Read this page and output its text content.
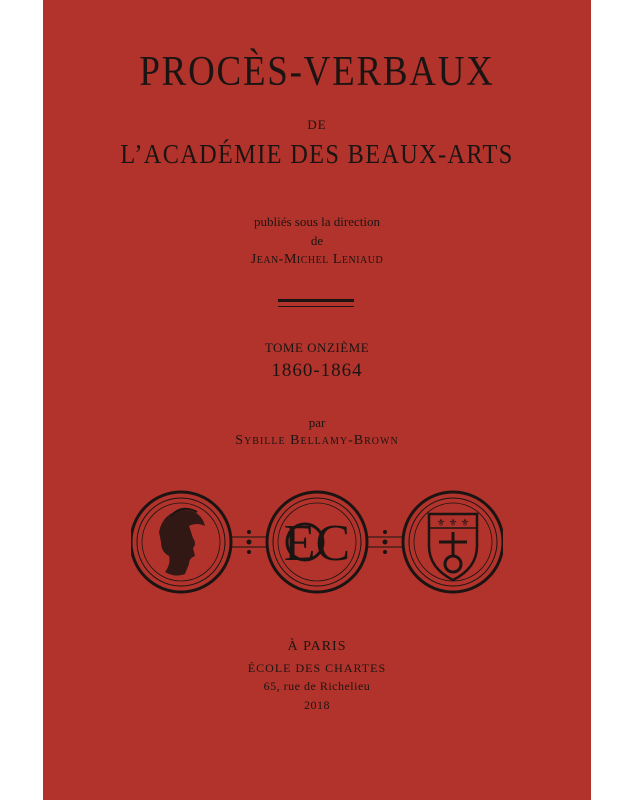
PROCÈS-VERBAUX
DE
L’ACADÉMIE DES BEAUX-ARTS
publiés sous la direction
de
Jean-Michel Leniaud
TOME ONZIÈME
1860-1864
par
Sybille Bellamy-Brown
EC	⚜ ⚜ ⚜
À PARIS
ÉCOLE DES CHARTES
65, rue de Richelieu
2018
